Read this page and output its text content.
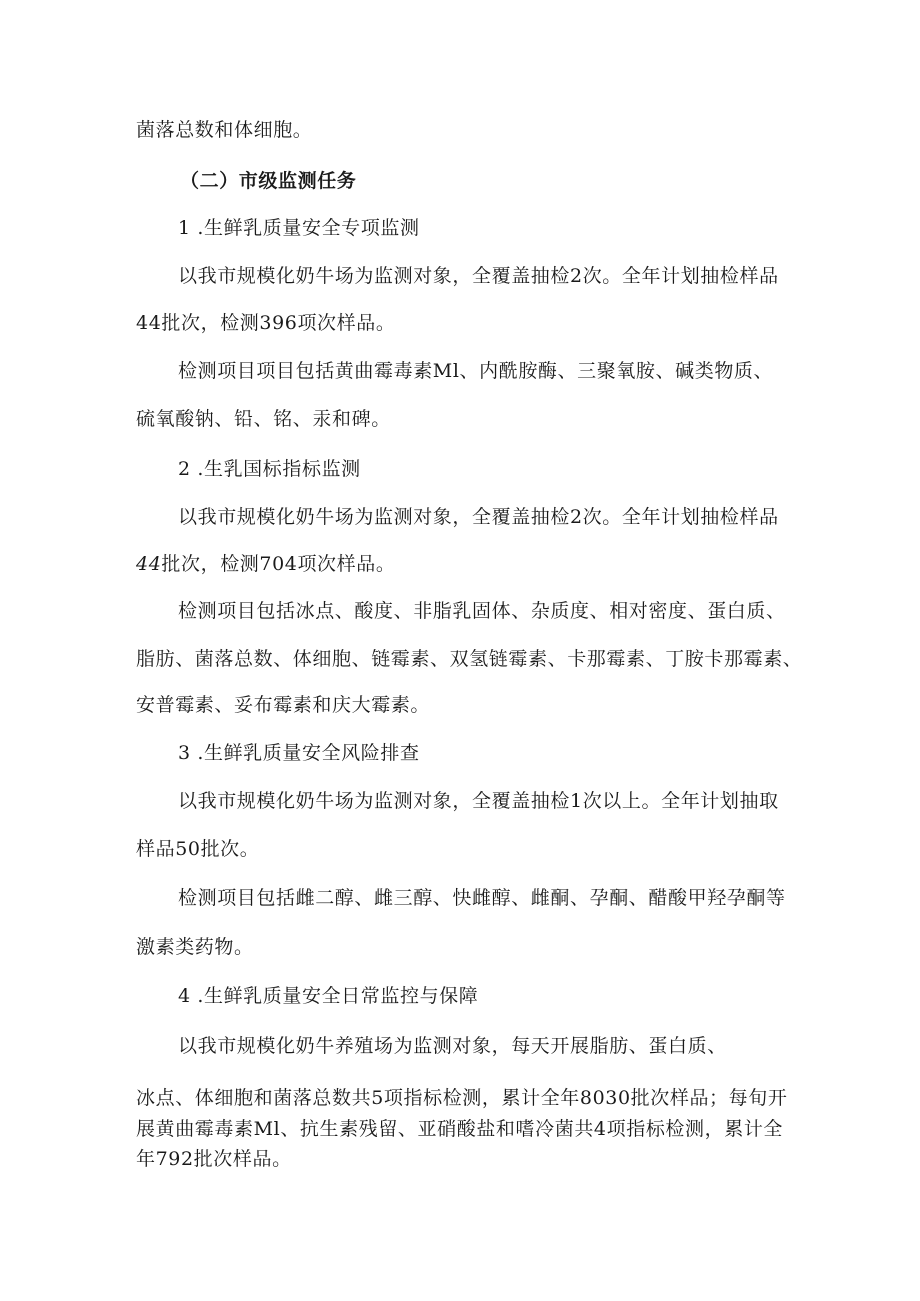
菌落总数和体细胞。
（二）市级监测任务
1 .生鲜乳质量安全专项监测
以我市规模化奶牛场为监测对象，全覆盖抽检2次。全年计划抽检样品
44批次，检测396项次样品。
检测项目项目包括黄曲霉毒素Ml、内酰胺酶、三聚氧胺、碱类物质、
硫氧酸钠、铅、铭、汞和碑。
2 .生乳国标指标监测
以我市规模化奶牛场为监测对象，全覆盖抽检2次。全年计划抽检样品
44批次，检测704项次样品。
检测项目包括冰点、酸度、非脂乳固体、杂质度、相对密度、蛋白质、
脂肪、菌落总数、体细胞、链霉素、双氢链霉素、卡那霉素、丁胺卡那霉素、
安普霉素、妥布霉素和庆大霉素。
3 .生鲜乳质量安全风险排查
以我市规模化奶牛场为监测对象，全覆盖抽检1次以上。全年计划抽取
样品50批次。
检测项目包括雌二醇、雌三醇、快雌醇、雌酮、孕酮、醋酸甲羟孕酮等
激素类药物。
4 .生鲜乳质量安全日常监控与保障
以我市规模化奶牛养殖场为监测对象，每天开展脂肪、蛋白质、
冰点、体细胞和菌落总数共5项指标检测，累计全年8030批次样品；每旬开
展黄曲霉毒素Ml、抗生素残留、亚硝酸盐和嗜冷菌共4项指标检测，累计全
年792批次样品。
